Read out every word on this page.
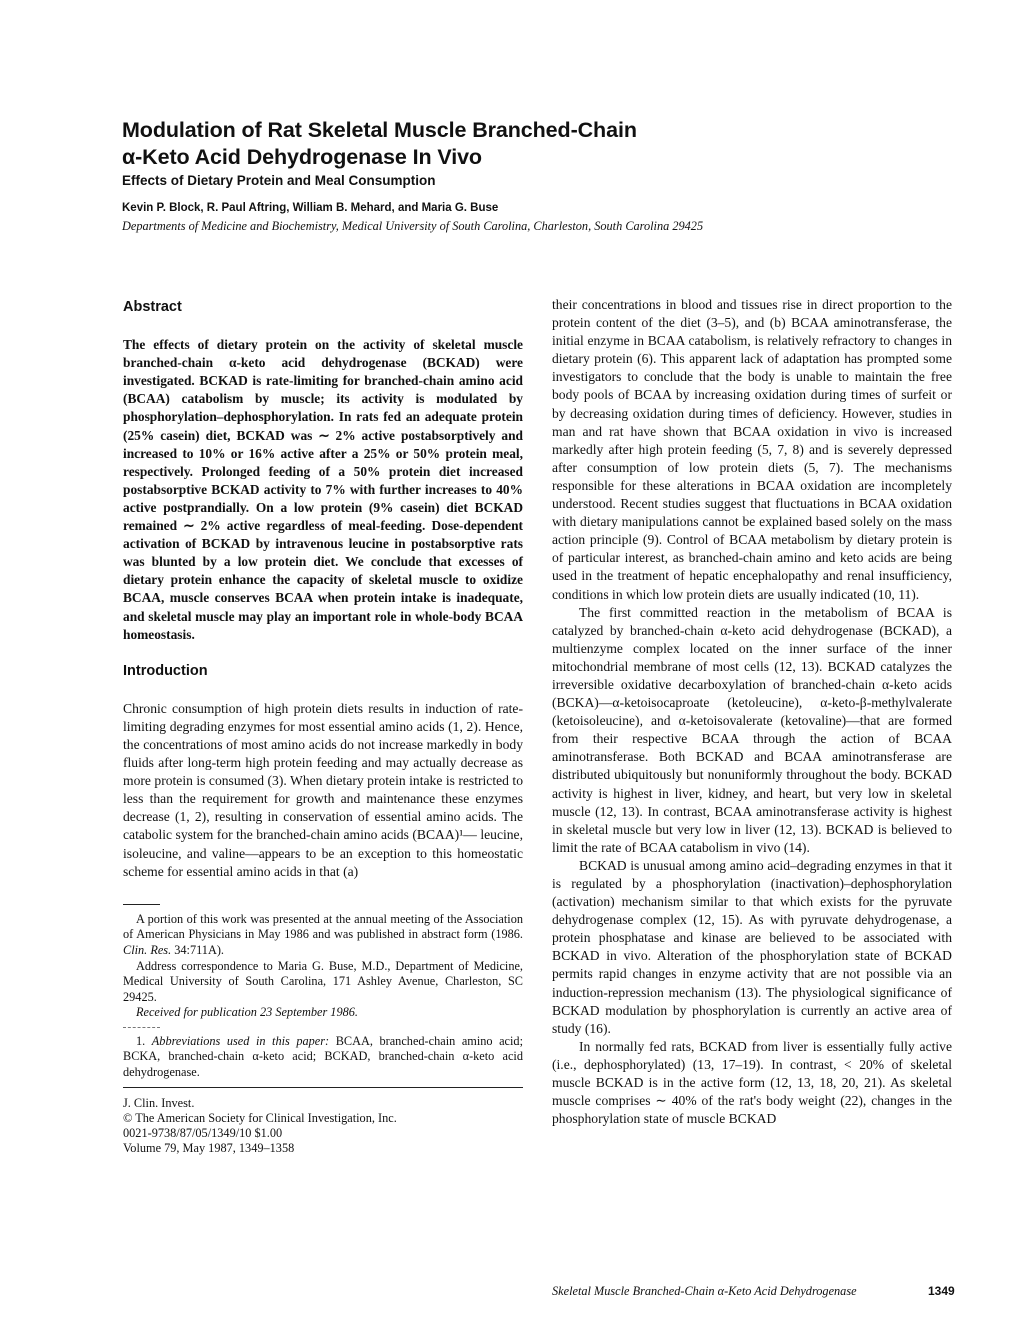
Modulation of Rat Skeletal Muscle Branched-Chain
α-Keto Acid Dehydrogenase In Vivo

Effects of Dietary Protein and Meal Consumption

Kevin P. Block, R. Paul Aftring, William B. Mehard, and Maria G. Buse

Departments of Medicine and Biochemistry, Medical University of South Carolina, Charleston, South Carolina 29425

Abstract

The effects of dietary protein on the activity of skeletal muscle branched-chain α-keto acid dehydrogenase (BCKAD) were investigated. BCKAD is rate-limiting for branched-chain amino acid (BCAA) catabolism by muscle; its activity is modulated by phosphorylation–dephosphorylation. In rats fed an adequate protein (25% casein) diet, BCKAD was ∼ 2% active postabsorptively and increased to 10% or 16% active after a 25% or 50% protein meal, respectively. Prolonged feeding of a 50% protein diet increased postabsorptive BCKAD activity to 7% with further increases to 40% active postprandially. On a low protein (9% casein) diet BCKAD remained ∼ 2% active regardless of meal-feeding. Dose-dependent activation of BCKAD by intravenous leucine in postabsorptive rats was blunted by a low protein diet. We conclude that excesses of dietary protein enhance the capacity of skeletal muscle to oxidize BCAA, muscle conserves BCAA when protein intake is inadequate, and skeletal muscle may play an important role in whole-body BCAA homeostasis.

Introduction

Chronic consumption of high protein diets results in induction of rate-limiting degrading enzymes for most essential amino acids (1, 2). Hence, the concentrations of most amino acids do not increase markedly in body fluids after long-term high protein feeding and may actually decrease as more protein is consumed (3). When dietary protein intake is restricted to less than the requirement for growth and maintenance these enzymes decrease (1, 2), resulting in conservation of essential amino acids. The catabolic system for the branched-chain amino acids (BCAA)¹— leucine, isoleucine, and valine—appears to be an exception to this homeostatic scheme for essential amino acids in that (a)

A portion of this work was presented at the annual meeting of the Association of American Physicians in May 1986 and was published in abstract form (1986. Clin. Res. 34:711A).

Address correspondence to Maria G. Buse, M.D., Department of Medicine, Medical University of South Carolina, 171 Ashley Avenue, Charleston, SC 29425.

Received for publication 23 September 1986.

1. Abbreviations used in this paper: BCAA, branched-chain amino acid; BCKA, branched-chain α-keto acid; BCKAD, branched-chain α-keto acid dehydrogenase.

J. Clin. Invest.

© The American Society for Clinical Investigation, Inc.

0021-9738/87/05/1349/10 $1.00

Volume 79, May 1987, 1349–1358

their concentrations in blood and tissues rise in direct proportion to the protein content of the diet (3–5), and (b) BCAA aminotransferase, the initial enzyme in BCAA catabolism, is relatively refractory to changes in dietary protein (6). This apparent lack of adaptation has prompted some investigators to conclude that the body is unable to maintain the free body pools of BCAA by increasing oxidation during times of surfeit or by decreasing oxidation during times of deficiency. However, studies in man and rat have shown that BCAA oxidation in vivo is increased markedly after high protein feeding (5, 7, 8) and is severely depressed after consumption of low protein diets (5, 7). The mechanisms responsible for these alterations in BCAA oxidation are incompletely understood. Recent studies suggest that fluctuations in BCAA oxidation with dietary manipulations cannot be explained based solely on the mass action principle (9). Control of BCAA metabolism by dietary protein is of particular interest, as branched-chain amino and keto acids are being used in the treatment of hepatic encephalopathy and renal insufficiency, conditions in which low protein diets are usually indicated (10, 11).

The first committed reaction in the metabolism of BCAA is catalyzed by branched-chain α-keto acid dehydrogenase (BCKAD), a multienzyme complex located on the inner surface of the inner mitochondrial membrane of most cells (12, 13). BCKAD catalyzes the irreversible oxidative decarboxylation of branched-chain α-keto acids (BCKA)—α-ketoisocaproate (ketoleucine), α-keto-β-methylvalerate (ketoisoleucine), and α-ketoisovalerate (ketovaline)—that are formed from their respective BCAA through the action of BCAA aminotransferase. Both BCKAD and BCAA aminotransferase are distributed ubiquitously but nonuniformly throughout the body. BCKAD activity is highest in liver, kidney, and heart, but very low in skeletal muscle (12, 13). In contrast, BCAA aminotransferase activity is highest in skeletal muscle but very low in liver (12, 13). BCKAD is believed to limit the rate of BCAA catabolism in vivo (14).

BCKAD is unusual among amino acid–degrading enzymes in that it is regulated by a phosphorylation (inactivation)–dephosphorylation (activation) mechanism similar to that which exists for the pyruvate dehydrogenase complex (12, 15). As with pyruvate dehydrogenase, a protein phosphatase and kinase are believed to be associated with BCKAD in vivo. Alteration of the phosphorylation state of BCKAD permits rapid changes in enzyme activity that are not possible via an induction-repression mechanism (13). The physiological significance of BCKAD modulation by phosphorylation is currently an active area of study (16).

In normally fed rats, BCKAD from liver is essentially fully active (i.e., dephosphorylated) (13, 17–19). In contrast, < 20% of skeletal muscle BCKAD is in the active form (12, 13, 18, 20, 21). As skeletal muscle comprises ∼ 40% of the rat's body weight (22), changes in the phosphorylation state of muscle BCKAD

Skeletal Muscle Branched-Chain α-Keto Acid Dehydrogenase	1349
